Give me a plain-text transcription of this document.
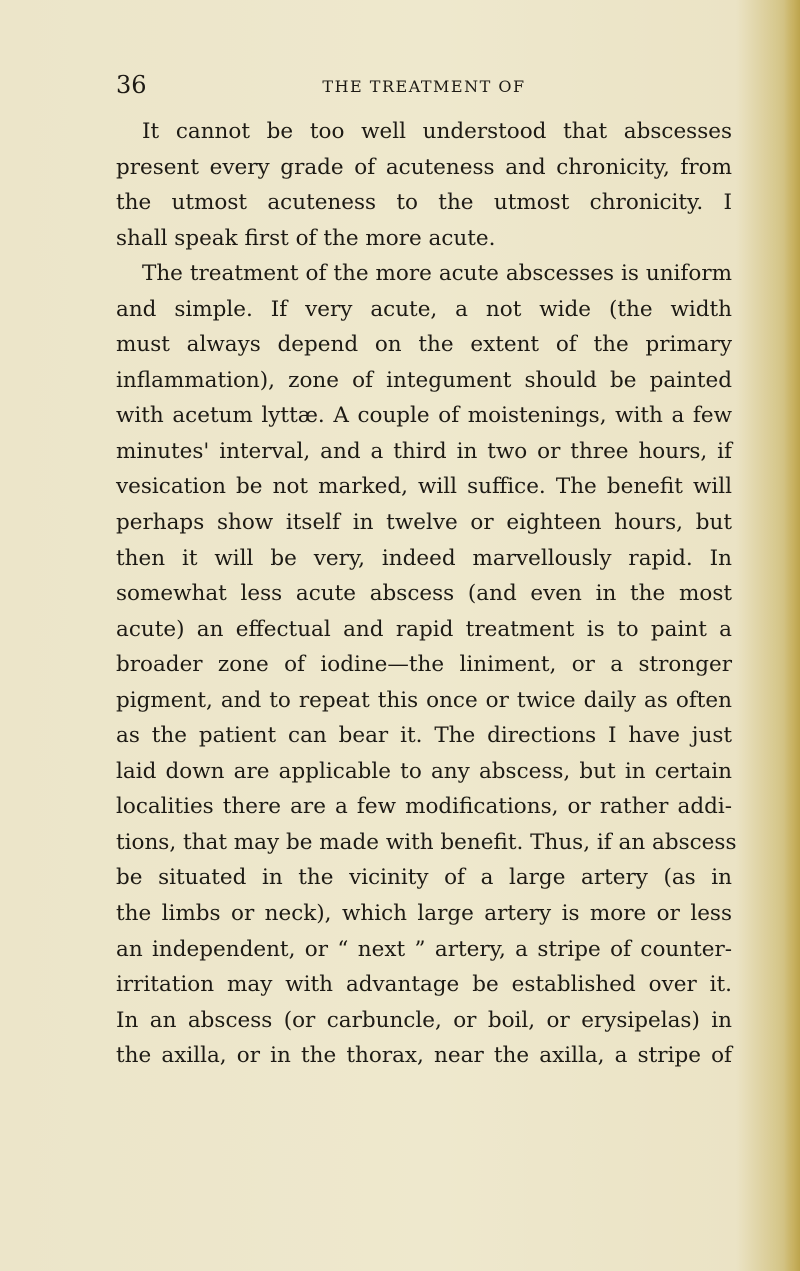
36	THE TREATMENT OF
It cannot be too well understood that abscesses
present every grade of acuteness and chronicity, from
the utmost acuteness to the utmost chronicity. I
shall speak first of the more acute.
The treatment of the more acute abscesses is uniform
and simple. If very acute, a not wide (the width
must always depend on the extent of the primary
inflammation), zone of integument should be painted
with acetum lyttæ. A couple of moistenings, with a few
minutes' interval, and a third in two or three hours, if
vesication be not marked, will suffice. The benefit will
perhaps show itself in twelve or eighteen hours, but
then it will be very, indeed marvellously rapid. In
somewhat less acute abscess (and even in the most
acute) an effectual and rapid treatment is to paint a
broader zone of iodine—the liniment, or a stronger
pigment, and to repeat this once or twice daily as often
as the patient can bear it. The directions I have just
laid down are applicable to any abscess, but in certain
localities there are a few modifications, or rather addi-
tions, that may be made with benefit. Thus, if an abscess
be situated in the vicinity of a large artery (as in
the limbs or neck), which large artery is more or less
an independent, or “ next ” artery, a stripe of counter-
irritation may with advantage be established over it.
In an abscess (or carbuncle, or boil, or erysipelas) in
the axilla, or in the thorax, near the axilla, a stripe of
